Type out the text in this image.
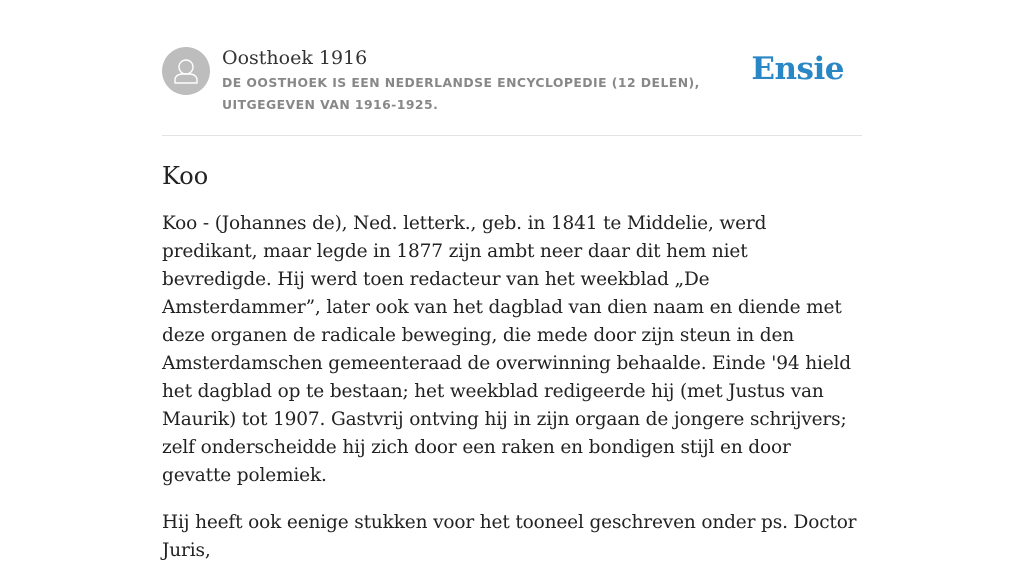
Oosthoek 1916

DE OOSTHOEK IS EEN NEDERLANDSE ENCYCLOPEDIE (12 DELEN), UITGEGEVEN VAN 1916-1925.

Ensie
Koo

Koo - (Johannes de), Ned. letterk., geb. in 1841 te Middelie, werd predikant, maar legde in 1877 zijn ambt neer daar dit hem niet bevredigde. Hij werd toen redacteur van het weekblad „De Amsterdammer”, later ook van het dagblad van dien naam en diende met deze organen de radicale beweging, die mede door zijn steun in den Amsterdamschen gemeenteraad de overwinning behaalde. Einde '94 hield het dagblad op te bestaan; het weekblad redigeerde hij (met Justus van Maurik) tot 1907. Gastvrij ontving hij in zijn orgaan de jongere schrijvers; zelf onderscheidde hij zich door een raken en bondigen stijl en door gevatte polemiek.

Hij heeft ook eenige stukken voor het tooneel geschreven onder ps. Doctor Juris,
